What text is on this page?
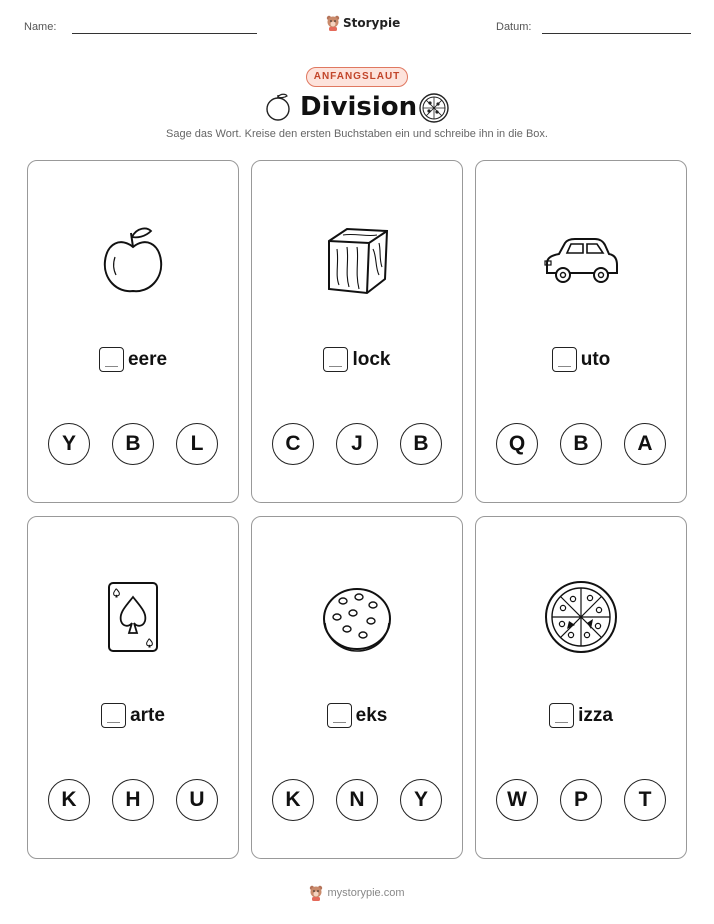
Name:	Storypie	Datum:
ANFANGSLAUT
Division
Sage das Wort. Kreise den ersten Buchstaben ein und schreibe ihn in die Box.
eere
Y	B	L
lock
C	J	B
uto
Q	B	A
arte
K	H	U
eks
K	N	Y
izza
W	P	T
mystorypie.com
